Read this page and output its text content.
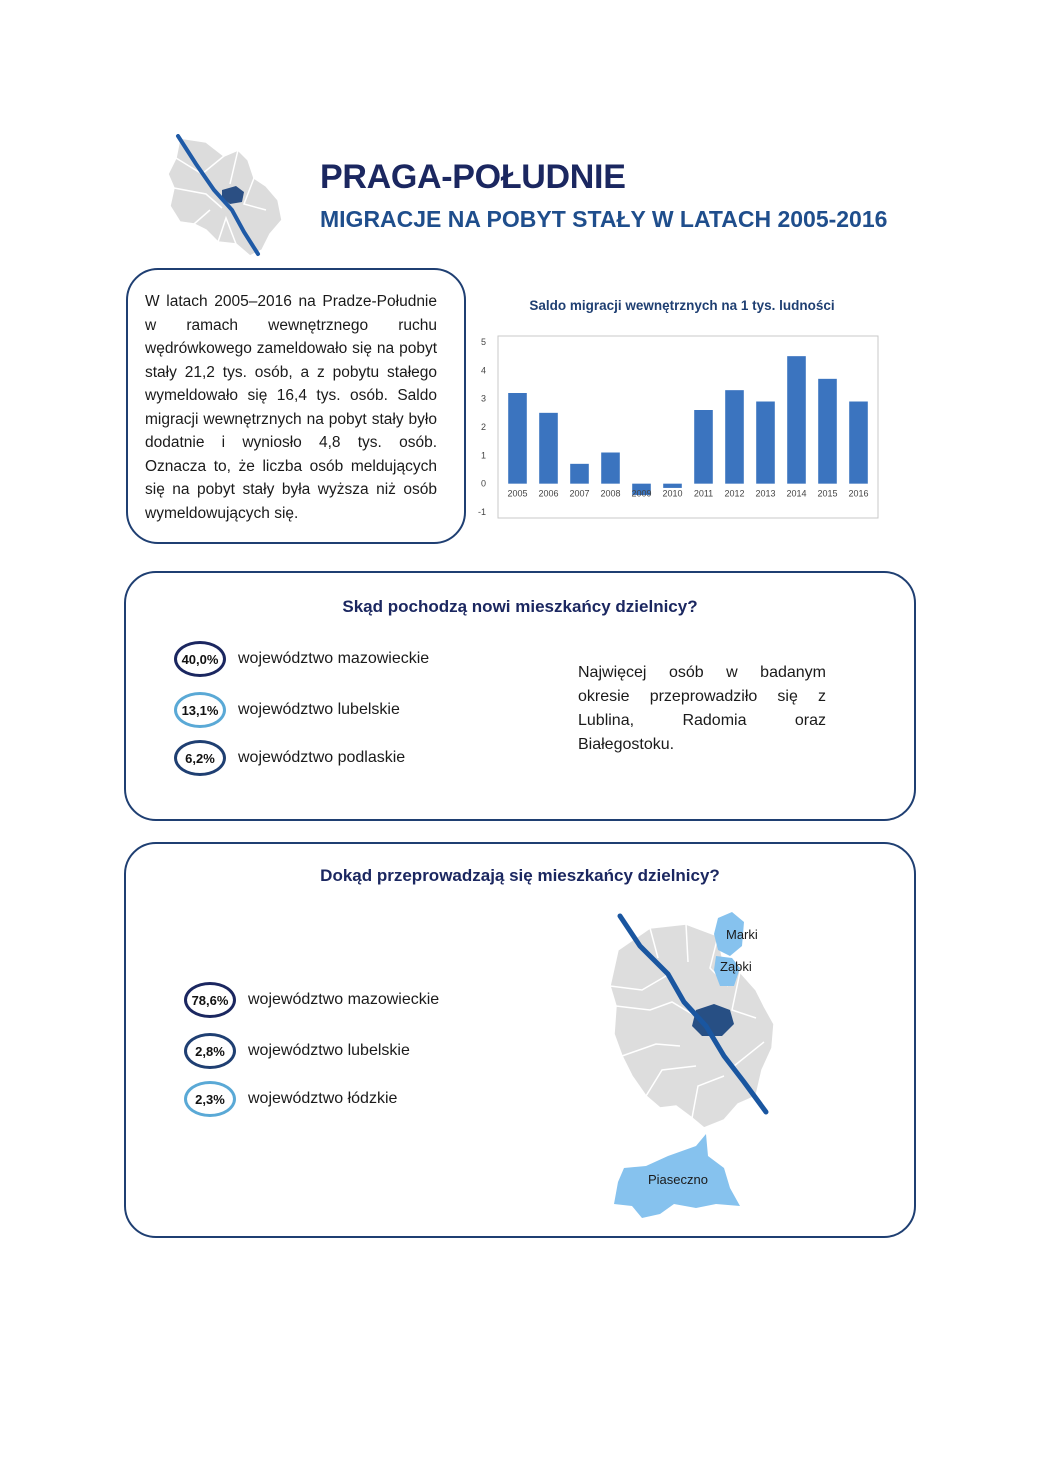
PRAGA-POŁUDNIE
MIGRACJE NA POBYT STAŁY W LATACH 2005-2016
W latach 2005–2016 na Pradze-Południe w ramach wewnętrznego ruchu wędrówkowego zameldowało się na pobyt stały 21,2 tys. osób, a z pobytu stałego wymeldowało się 16,4 tys. osób. Saldo migracji wewnętrznych na pobyt stały było dodatnie i wyniosło 4,8 tys. osób. Oznacza to, że liczba osób meldujących się na pobyt stały była wyższa niż osób wymeldowujących się.
Saldo migracji wewnętrznych na 1 tys. ludności
5
4
3
2
1
0
-1
2005 2006 2007 2008 2009 2010 2011 2012 2013 2014 2015 2016
Skąd pochodzą nowi mieszkańcy dzielnicy?
40,0%	województwo mazowieckie
13,1%	województwo lubelskie
6,2%	województwo podlaskie
Najwięcej osób w badanym okresie przeprowadziło się z Lublina, Radomia oraz Białegostoku.
Dokąd przeprowadzają się mieszkańcy dzielnicy?
78,6%	województwo mazowieckie
2,8%	województwo lubelskie
2,3%	województwo łódzkie
Marki
Ząbki
Piaseczno
Wisła
